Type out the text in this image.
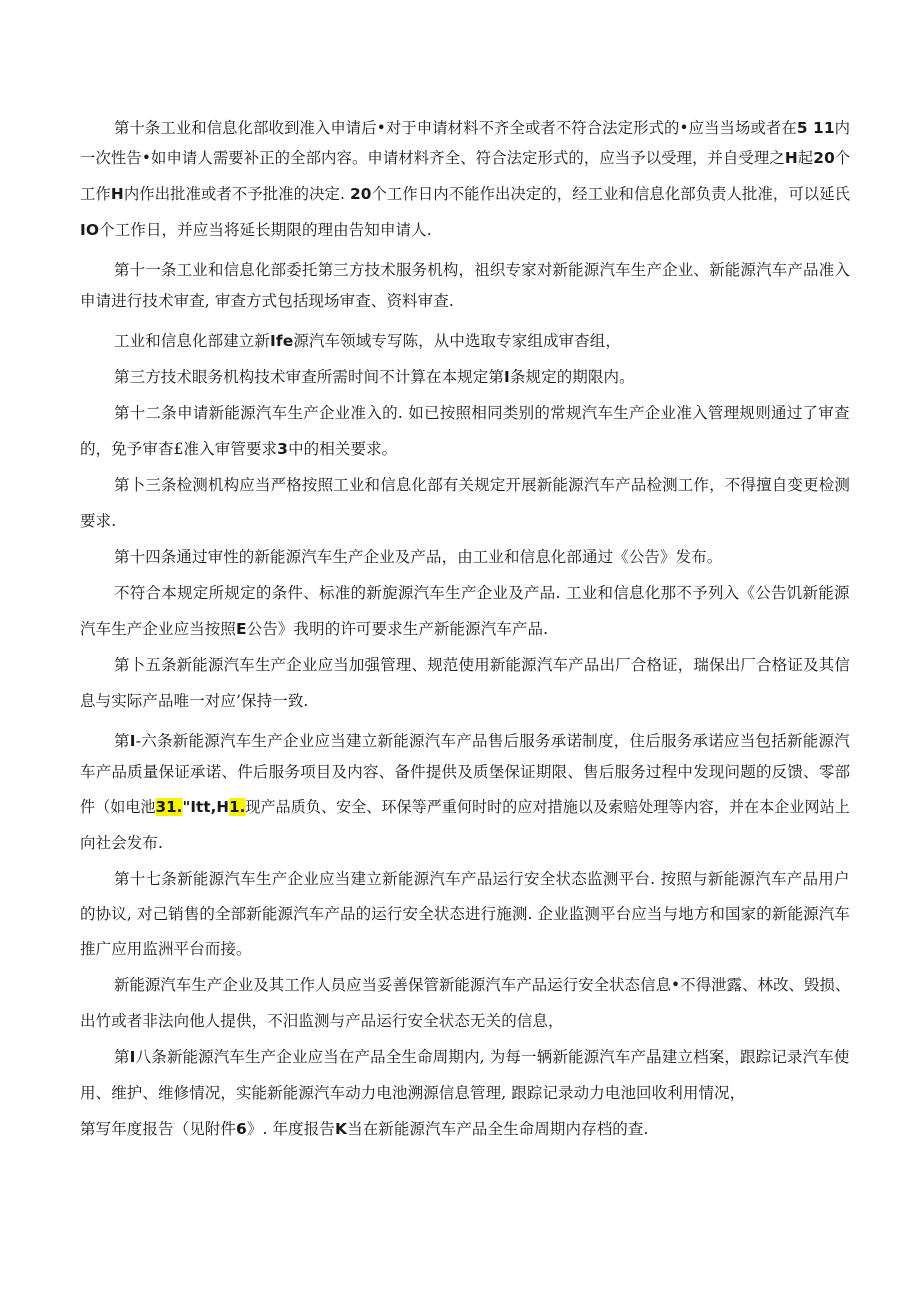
第十条工业和信息化部收到准入申请后•对于申请材料不齐全或者不符合法定形式的•应当当场或者在5 11内
一次性告•如申请人需要补正的全部内容。申请材料齐全、符合法定形式的，应当予以受理，并自受理之H起20个
工作H内作出批准或者不予批准的决定. 20个工作日内不能作出决定的，经工业和信息化部负责人批准，可以延氏
IO个工作日，并应当将延长期限的理由告知申请人.
第十一条工业和信息化部委托第三方技术服务机构，祖织专家对新能源汽车生产企业、新能源汽车产品准入
申请进行技术审查, 审查方式包括现场审查、资料审查.
工业和信息化部建立新Ife源汽车领域专写陈，从中选取专家组成审杳组，
第三方技术眼务机构技术审查所需时间不计算在本规定第I条规定的期限内。
第十二条申请新能源汽车生产企业准入的. 如已按照相同类别的常规汽车生产企业准入管理规则通过了审查
的，免予审杳£准入审管要求3中的相关要求。
第卜三条检测机构应当严格按照工业和信息化部有关规定开展新能源汽车产品检测工作，不得擅自变更检测
要求.
第十四条通过审性的新能源汽车生产企业及产品，由工业和信息化部通过《公告》发布。
不符合本规定所规定的条件、标准的新旎源汽车生产企业及产品. 工业和信息化那不予列入《公告饥新能源
汽车生产企业应当按照E公告》我明的许可要求生产新能源汽车产品.
第卜五条新能源汽车生产企业应当加强管理、规范使用新能源汽车产品出厂合格证，瑞保出厂合格证及其信
息与实际产品唯一对应’保持一致.
第I-六条新能源汽车生产企业应当建立新能源汽车产品售后服务承诺制度，住后服务承诺应当包括新能源汽
车产品质量保证承诺、件后服务项目及内容、备件提供及质堡保证期限、售后服务过程中发现问题的反馈、零部
件（如电池31."Itt,H1.现产品质负、安全、环保等严重何时时的应对措施以及索赔处理等内容，并在本企业网站上
向社会发布.
第十七条新能源汽车生产企业应当建立新能源汽车产品运行安全状态监测平台. 按照与新能源汽车产品用户
的协议, 对己销售的全部新能源汽车产品的运行安全状态进行施测. 企业监测平台应当与地方和国家的新能源汽车
推广应用监洲平台而接。
新能源汽车生产企业及其工作人员应当妥善保管新能源汽车产品运行安全状态信息•不得泄露、林改、毁损、
出竹或者非法向他人提供，不汨监测与产品运行安全状态无关的信息，
第I八条新能源汽车生产企业应当在产品全生命周期内, 为每一辆新能源汽车产晶建立档案，跟踪记录汽车使
用、维护、维修情况，实能新能源汽车动力电池溯源信息管理, 跟踪记录动力电池回收利用情况，
第写年度报告（见附件6》. 年度报告K当在新能源汽车产品全生命周期内存档的查.
